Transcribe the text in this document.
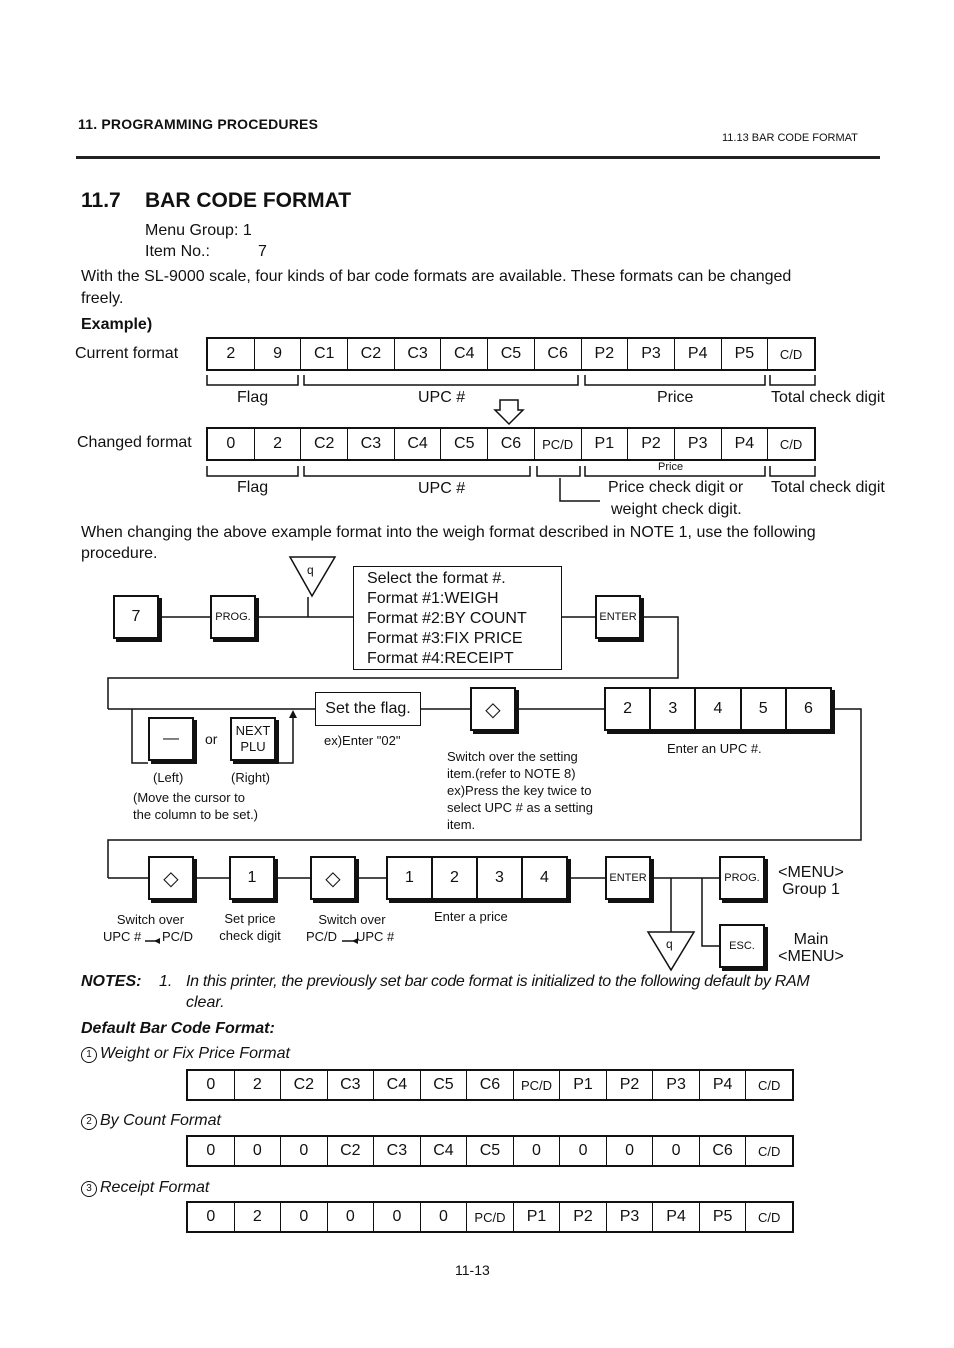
11. PROGRAMMING PROCEDURES
11.13 BAR CODE FORMAT
11.7 BAR CODE FORMAT
Menu Group: 1
Item No.:	7
With the SL-9000 scale, four kinds of bar code formats are available. These formats can be changed
freely.
Example)
Current format	2	9	C1	C2	C3	C4	C5	C6	P2	P3	P4	P5	C/D
Flag	UPC #	Price	Total check digit
Changed format	0	2	C2	C3	C4	C5	C6	PC/D	P1	P2	P3	P4	C/D
Price
Flag	UPC #	Price check digit or
weight check digit.
Total check digit
When changing the above example format into the weigh format described in NOTE 1, use the following
procedure.
q
q
7	PROG.
Select the format #.
Format #1:WEIGH
Format #2:BY COUNT
Format #3:FIX PRICE
Format #4:RECEIPT
ENTER
—	or
NEXT
PLU
(Left)	(Right)
(Move the cursor to
the column to be set.)
Set the flag.
ex)Enter "02"
◇
Switch over the setting
item.(refer to NOTE 8)
ex)Press the key twice to
select UPC # as a setting
item.
2	3	4	5	6
Enter an UPC #.
◇
Switch over
UPC # PC/D
1
Set price
check digit
◇
Switch over
PC/D UPC #
1	2	3	4
Enter a price
ENTER	PROG.	<MENU>
Group 1
ESC.	Main
<MENU>
NOTES: 1. In this printer, the previously set bar code format is initialized to the following default by RAM
clear.
Default Bar Code Format:
1 Weight or Fix Price Format
0	2	C2	C3	C4	C5	C6	PC/D	P1	P2	P3	P4	C/D
2 By Count Format
0	0	0	C2	C3	C4	C5	0	0	0	0	C6	C/D
3 Receipt Format
0	2	0	0	0	0	PC/D	P1	P2	P3	P4	P5	C/D
11-13
